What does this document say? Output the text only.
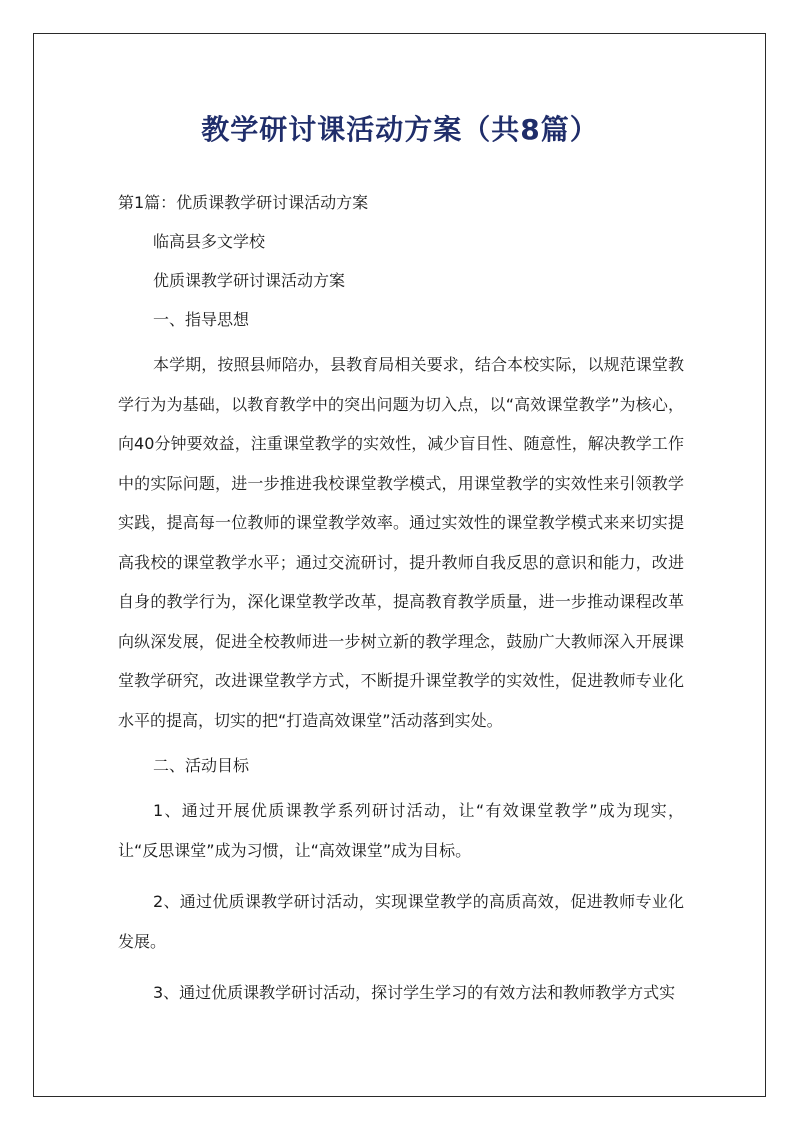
教学研讨课活动方案（共8篇）

第1篇：优质课教学研讨课活动方案

临高县多文学校

优质课教学研讨课活动方案

一、指导思想

本学期，按照县师陪办，县教育局相关要求，结合本校实际，以规范课堂教学行为为基础，以教育教学中的突出问题为切入点，以“高效课堂教学”为核心，向40分钟要效益，注重课堂教学的实效性，减少盲目性、随意性，解决教学工作中的实际问题，进一步推进我校课堂教学模式，用课堂教学的实效性来引领教学实践，提高每一位教师的课堂教学效率。通过实效性的课堂教学模式来来切实提高我校的课堂教学水平；通过交流研讨，提升教师自我反思的意识和能力，改进自身的教学行为，深化课堂教学改革，提高教育教学质量，进一步推动课程改革向纵深发展，促进全校教师进一步树立新的教学理念，鼓励广大教师深入开展课堂教学研究，改进课堂教学方式，不断提升课堂教学的实效性，促进教师专业化水平的提高，切实的把“打造高效课堂”活动落到实处。

二、活动目标

1、通过开展优质课教学系列研讨活动，让“有效课堂教学”成为现实，让“反思课堂”成为习惯，让“高效课堂”成为目标。

2、通过优质课教学研讨活动，实现课堂教学的高质高效，促进教师专业化发展。

3、通过优质课教学研讨活动，探讨学生学习的有效方法和教师教学方式实
